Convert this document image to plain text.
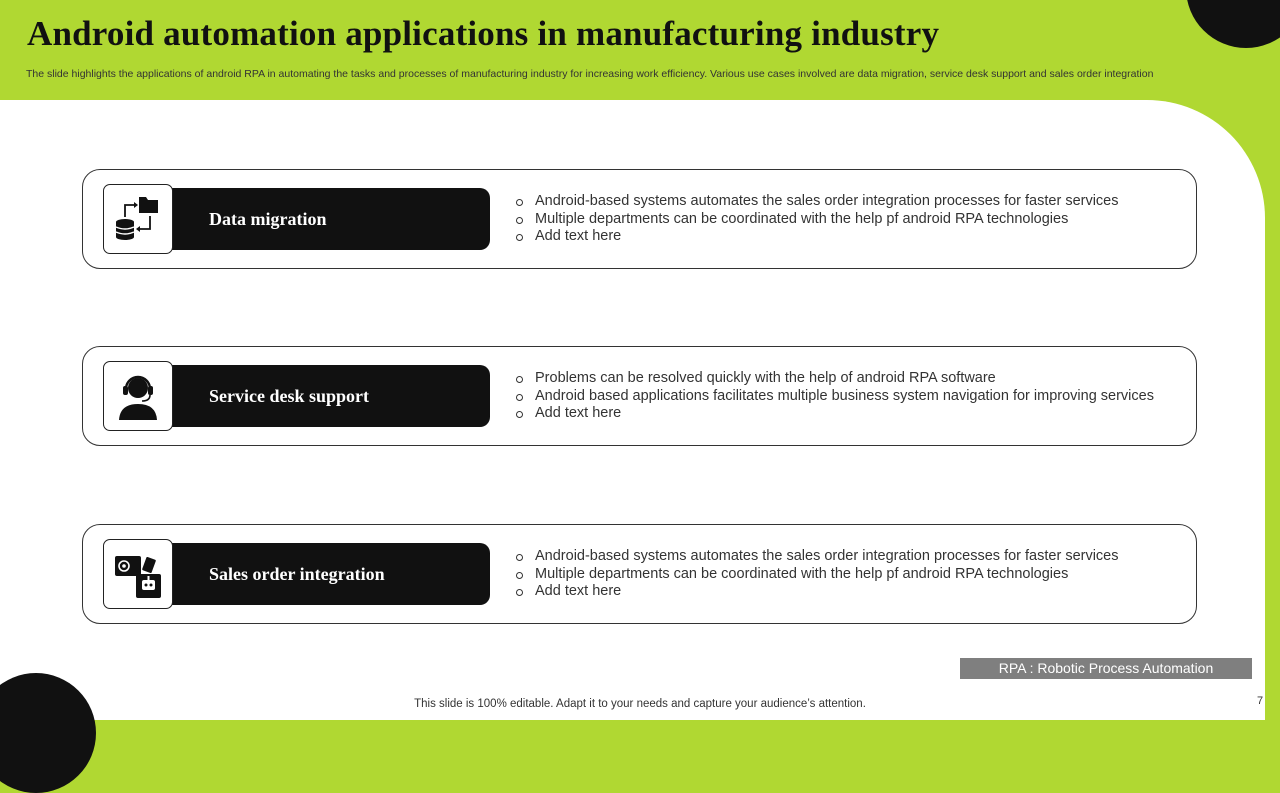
Android automation applications in manufacturing industry
The slide highlights the applications of android RPA in automating the tasks and processes of manufacturing industry for increasing work efficiency. Various use cases involved are data migration, service desk support and sales order integration
Data migration
Android-based systems automates the sales order integration processes for faster services
Multiple departments can be coordinated with the help pf android RPA technologies
Add text here
Service desk support
Problems can be resolved quickly with the help of android RPA software
Android based applications facilitates multiple business system navigation for improving services
Add text here
Sales order integration
Android-based systems automates the sales order integration processes for faster services
Multiple departments can be coordinated with the help pf android RPA technologies
Add text here
RPA : Robotic Process Automation
This slide is 100% editable. Adapt it to your needs and capture your audience’s attention.	7
